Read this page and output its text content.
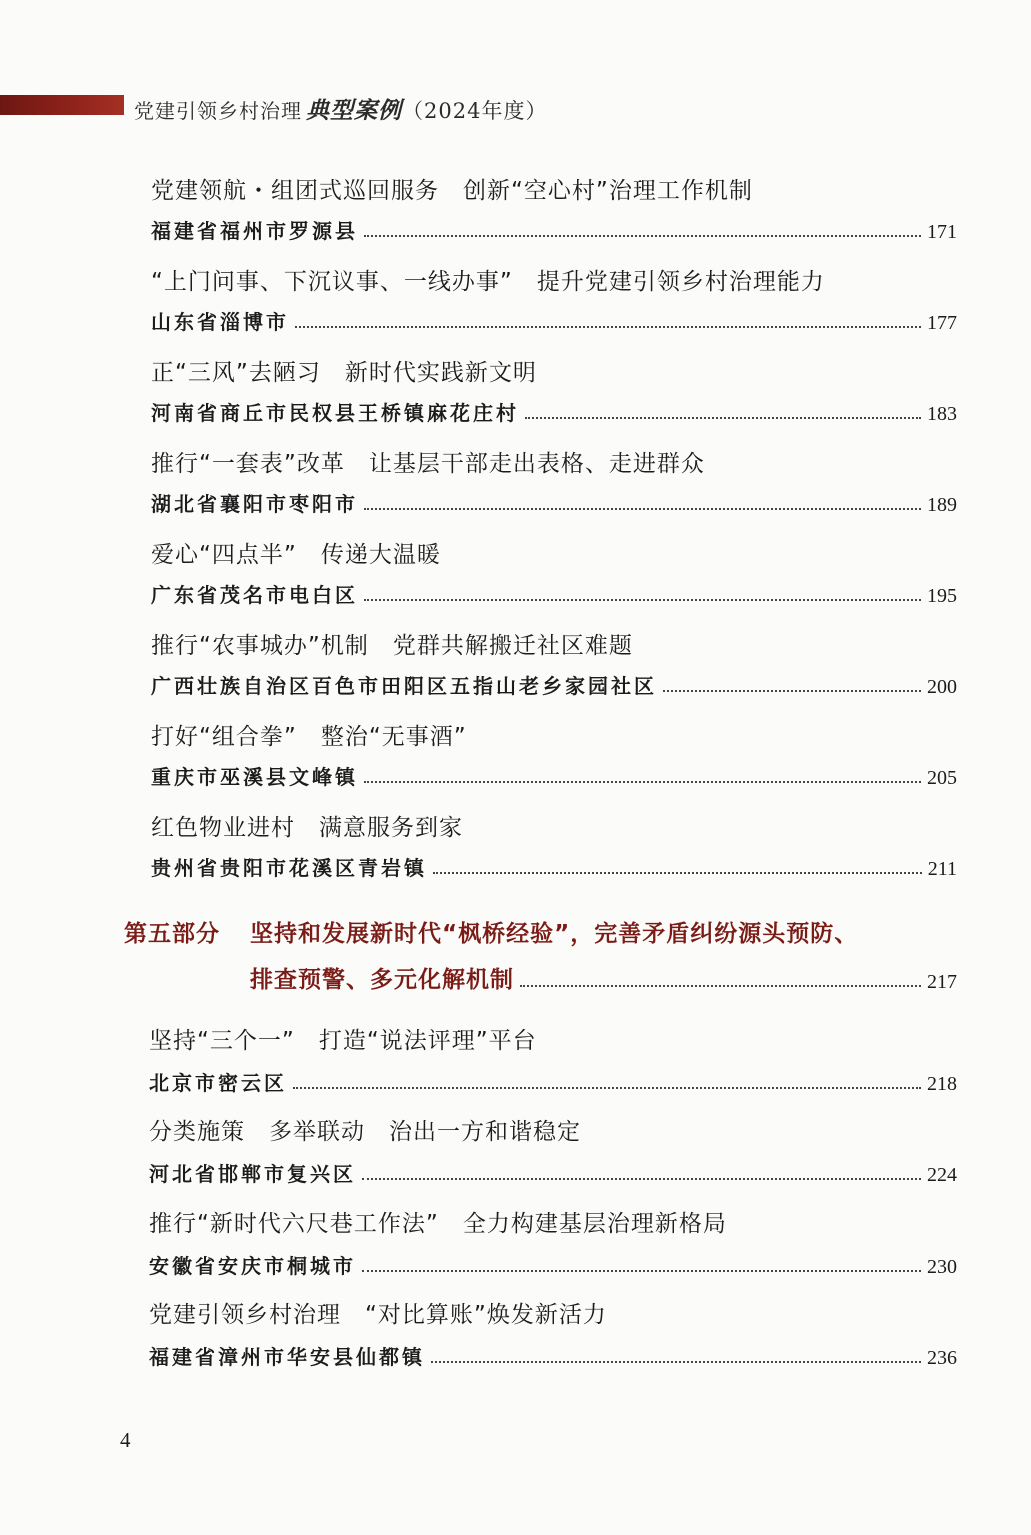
党建引领乡村治理 典型案例（2024年度）
党建领航・组团式巡回服务　创新“空心村”治理工作机制
福建省福州市罗源县	171
“上门问事、下沉议事、一线办事”　提升党建引领乡村治理能力
山东省淄博市	177
正“三风”去陋习　新时代实践新文明
河南省商丘市民权县王桥镇麻花庄村	183
推行“一套表”改革　让基层干部走出表格、走进群众
湖北省襄阳市枣阳市	189
爱心“四点半”　传递大温暖
广东省茂名市电白区	195
推行“农事城办”机制　党群共解搬迁社区难题
广西壮族自治区百色市田阳区五指山老乡家园社区	200
打好“组合拳”　整治“无事酒”
重庆市巫溪县文峰镇	205
红色物业进村　满意服务到家
贵州省贵阳市花溪区青岩镇	211
第五部分 坚持和发展新时代“枫桥经验”，完善矛盾纠纷源头预防、
排查预警、多元化解机制	217
坚持“三个一”　打造“说法评理”平台
北京市密云区	218
分类施策　多举联动　治出一方和谐稳定
河北省邯郸市复兴区	224
推行“新时代六尺巷工作法”　全力构建基层治理新格局
安徽省安庆市桐城市	230
党建引领乡村治理　“对比算账”焕发新活力
福建省漳州市华安县仙都镇	236
4
